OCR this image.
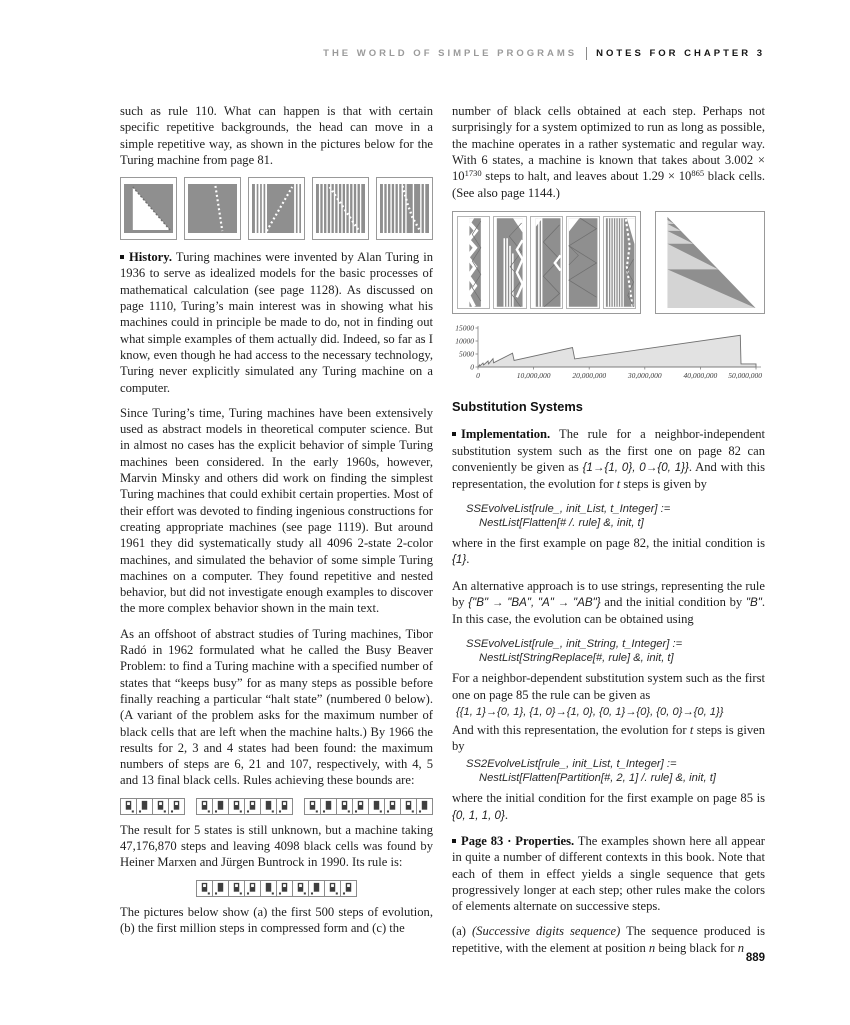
THE WORLD OF SIMPLE PROGRAMS NOTES FOR CHAPTER 3

such as rule 110. What can happen is that with certain specific repetitive backgrounds, the head can move in a simple repetitive way, as shown in the pictures below for the Turing machine from page 81.

History. Turing machines were invented by Alan Turing in 1936 to serve as idealized models for the basic processes of mathematical calculation (see page 1128). As discussed on page 1110, Turing’s main interest was in showing what his machines could in principle be made to do, not in finding out what simple examples of them actually did. Indeed, so far as I know, even though he had access to the necessary technology, Turing never explicitly simulated any Turing machine on a computer.

Since Turing’s time, Turing machines have been extensively used as abstract models in theoretical computer science. But in almost no cases has the explicit behavior of simple Turing machines been considered. In the early 1960s, however, Marvin Minsky and others did work on finding the simplest Turing machines that could exhibit certain properties. Most of their effort was devoted to finding ingenious constructions for creating appropriate machines (see page 1119). But around 1961 they did systematically study all 4096 2-state 2-color machines, and simulated the behavior of some simple Turing machines on a computer. They found repetitive and nested behavior, but did not investigate enough examples to discover the more complex behavior shown in the main text.

As an offshoot of abstract studies of Turing machines, Tibor Radó in 1962 formulated what he called the Busy Beaver Problem: to find a Turing machine with a specified number of states that “keeps busy” for as many steps as possible before finally reaching a particular “halt state” (numbered 0 below). (A variant of the problem asks for the maximum number of black cells that are left when the machine halts.) By 1966 the results for 2, 3 and 4 states had been found: the maximum numbers of steps are 6, 21 and 107, respectively, with 4, 5 and 13 final black cells. Rules achieving these bounds are:

The result for 5 states is still unknown, but a machine taking 47,176,870 steps and leaving 4098 black cells was found by Heiner Marxen and Jürgen Buntrock in 1990. Its rule is:

The pictures below show (a) the first 500 steps of evolution, (b) the first million steps in compressed form and (c) the

number of black cells obtained at each step. Perhaps not surprisingly for a system optimized to run as long as possible, the machine operates in a rather systematic and regular way. With 6 states, a machine is known that takes about $3.002 \times 10^{1730}$ steps to halt, and leaves about $1.29 \times 10^{865}$ black cells. (See also page 1144.)

0
5000
10000
15000
0	10,000,000	20,000,000	30,000,000	40,000,000 50,000,000
Substitution Systems

Implementation. The rule for a neighbor-independent substitution system such as the first one on page 82 can conveniently be given as {1→{1, 0}, 0→{0, 1}}. And with this representation, the evolution for t steps is given by

SSEvolveList[rule_, init_List, t_Integer] :=
NestList[Flatten[# /. rule] &, init, t]

where in the first example on page 82, the initial condition is {1}.

An alternative approach is to use strings, representing the rule by {"B" → "BA", "A" → "AB"} and the initial condition by "B". In this case, the evolution can be obtained using

SSEvolveList[rule_, init_String, t_Integer] :=
NestList[StringReplace[#, rule] &, init, t]

For a neighbor-dependent substitution system such as the first one on page 85 the rule can be given as

{{1, 1}→{0, 1}, {1, 0}→{1, 0}, {0, 1}→{0}, {0, 0}→{0, 1}}

And with this representation, the evolution for t steps is given by

SS2EvolveList[rule_, init_List, t_Integer] :=
NestList[Flatten[Partition[#, 2, 1] /. rule] &, init, t]

where the initial condition for the first example on page 85 is {0, 1, 1, 0}.

Page 83 · Properties. The examples shown here all appear in quite a number of different contexts in this book. Note that each of them in effect yields a single sequence that gets progressively longer at each step; other rules make the colors of elements alternate on successive steps.

(a) (Successive digits sequence) The sequence produced is repetitive, with the element at position n being black for n

889
